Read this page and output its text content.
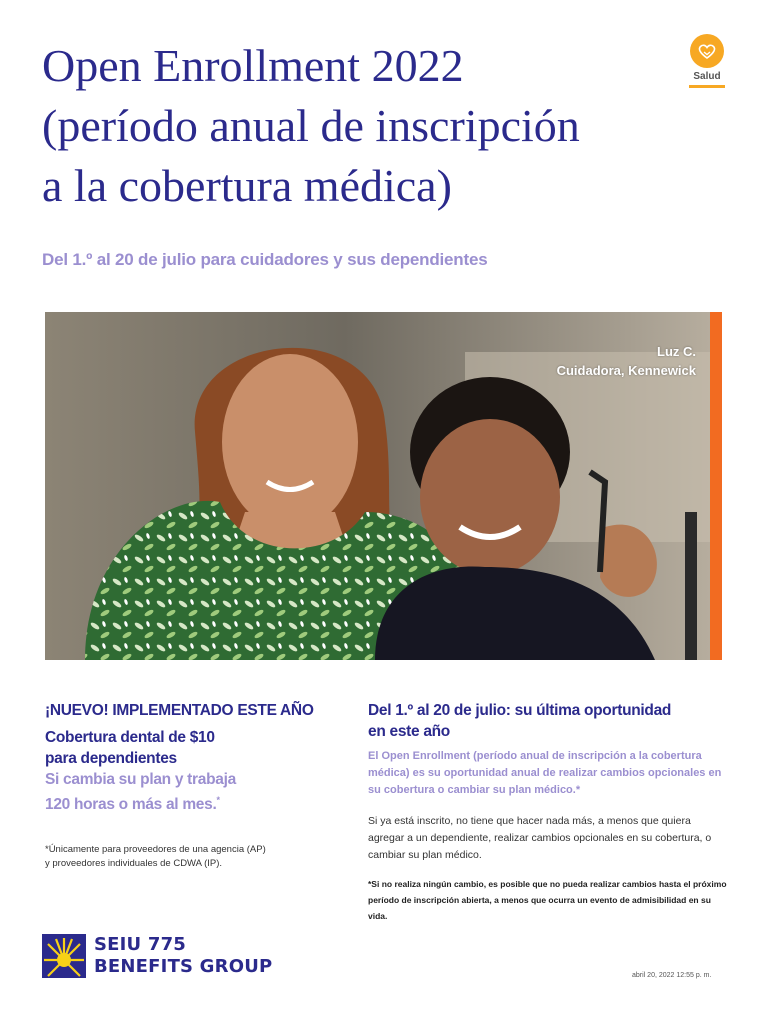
Open Enrollment 2022
(período anual de inscripción
a la cobertura médica)
Salud
Del 1.º al 20 de julio para cuidadores y sus dependientes
Luz C.
Cuidadora, Kennewick
¡NUEVO! IMPLEMENTADO ESTE AÑO
Cobertura dental de $10
para dependientes
Si cambia su plan y trabaja
120 horas o más al mes.*
*Únicamente para proveedores de una agencia (AP)
y proveedores individuales de CDWA (IP).
Del 1.º al 20 de julio: su última oportunidad
en este año
El Open Enrollment (período anual de inscripción a la cobertura médica) es su oportunidad anual de realizar cambios opcionales en su cobertura o cambiar su plan médico.*
Si ya está inscrito, no tiene que hacer nada más, a menos que quiera agregar a un dependiente, realizar cambios opcionales en su cobertura, o cambiar su plan médico.
*Si no realiza ningún cambio, es posible que no pueda realizar cambios hasta el próximo período de inscripción abierta, a menos que ocurra un evento de admisibilidad en su vida.
SEIU 775
BENEFITS GROUP	abril 20, 2022 12:55 p. m.
